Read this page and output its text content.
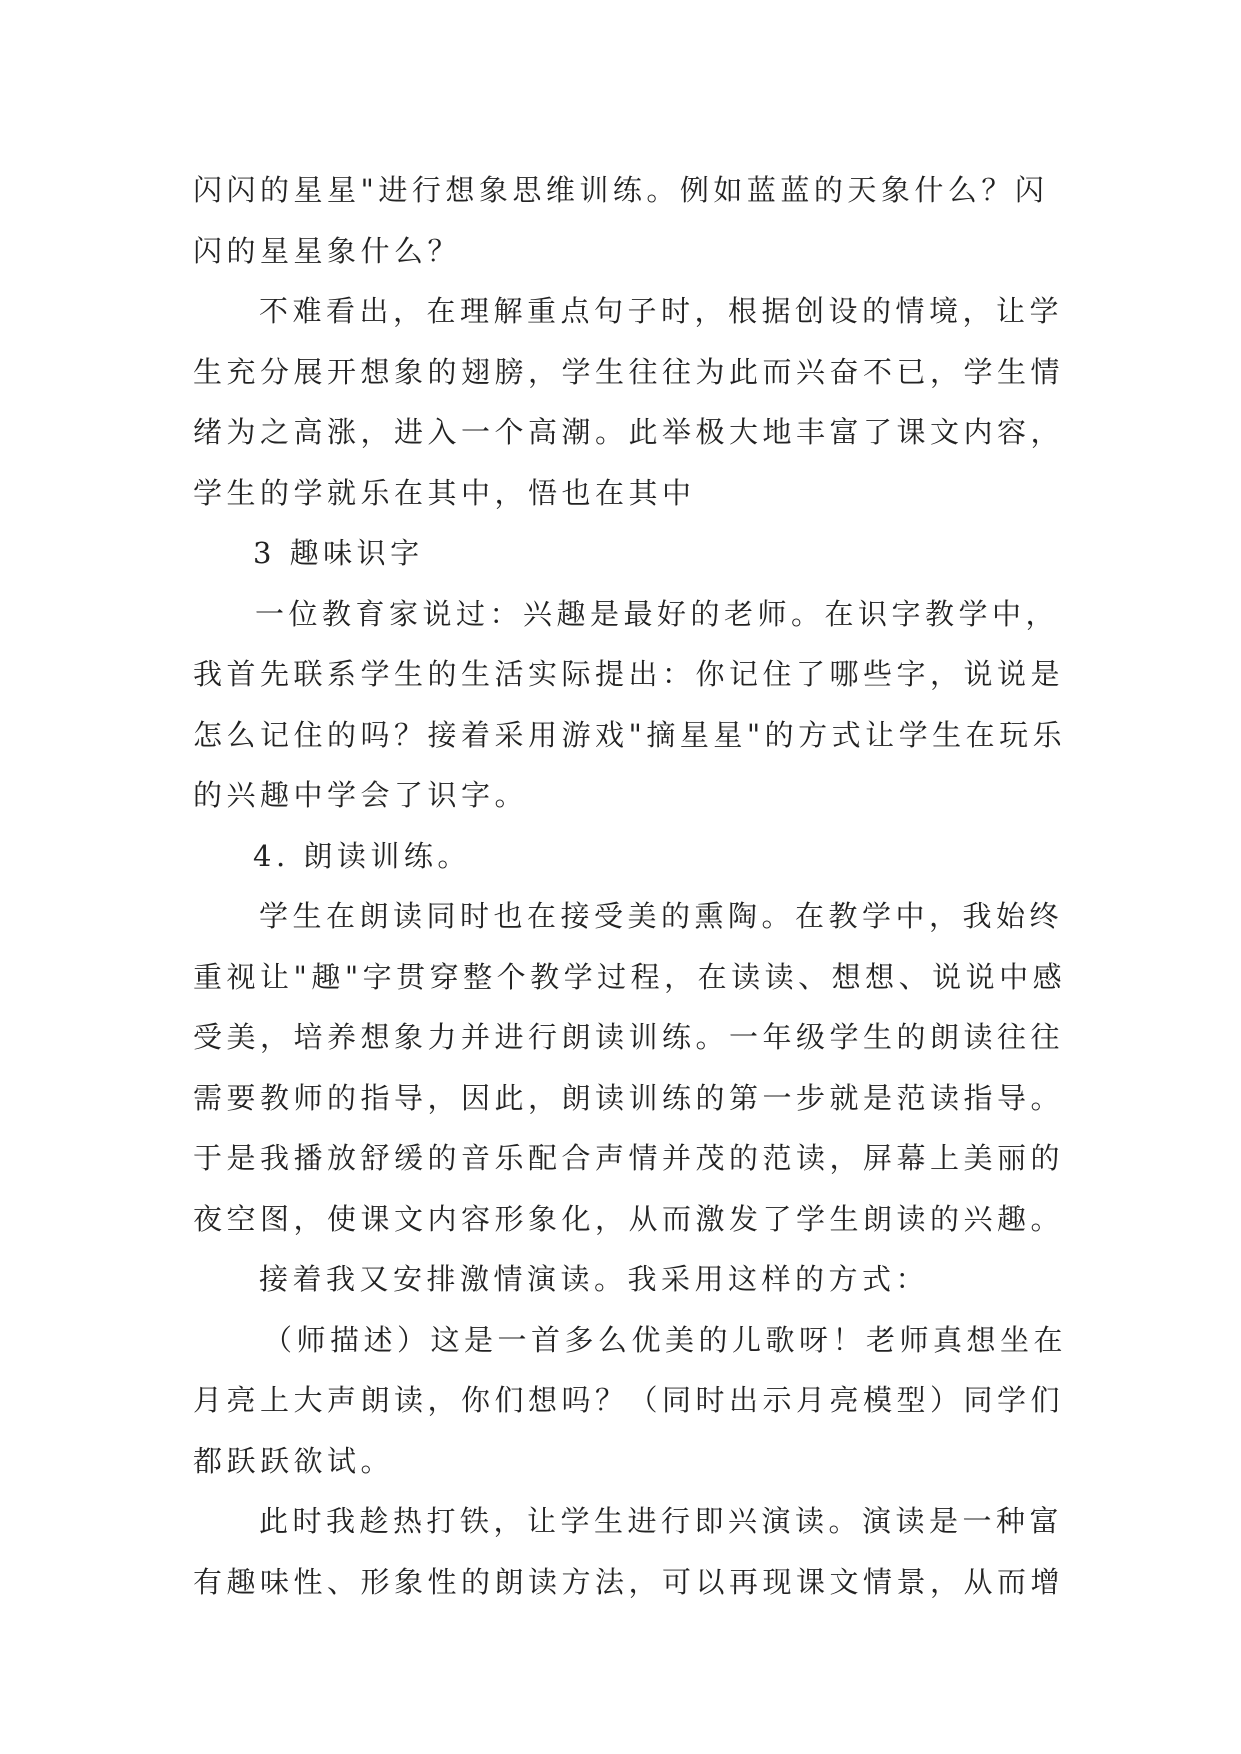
闪闪的星星"进行想象思维训练。例如蓝蓝的天象什么？闪闪的星星象什么？

不难看出，在理解重点句子时，根据创设的情境，让学生充分展开想象的翅膀，学生往往为此而兴奋不已，学生情绪为之高涨，进入一个高潮。此举极大地丰富了课文内容，学生的学就乐在其中，悟也在其中

3 趣味识字

一位教育家说过：兴趣是最好的老师。在识字教学中，我首先联系学生的生活实际提出：你记住了哪些字，说说是怎么记住的吗？接着采用游戏"摘星星"的方式让学生在玩乐的兴趣中学会了识字。

4. 朗读训练。

学生在朗读同时也在接受美的熏陶。在教学中，我始终重视让"趣"字贯穿整个教学过程，在读读、想想、说说中感受美，培养想象力并进行朗读训练。一年级学生的朗读往往需要教师的指导，因此，朗读训练的第一步就是范读指导。于是我播放舒缓的音乐配合声情并茂的范读，屏幕上美丽的夜空图，使课文内容形象化，从而激发了学生朗读的兴趣。

接着我又安排激情演读。我采用这样的方式：

（师描述）这是一首多么优美的儿歌呀！老师真想坐在月亮上大声朗读，你们想吗？（同时出示月亮模型）同学们都跃跃欲试。

此时我趁热打铁，让学生进行即兴演读。演读是一种富有趣味性、形象性的朗读方法，可以再现课文情景，从而增
